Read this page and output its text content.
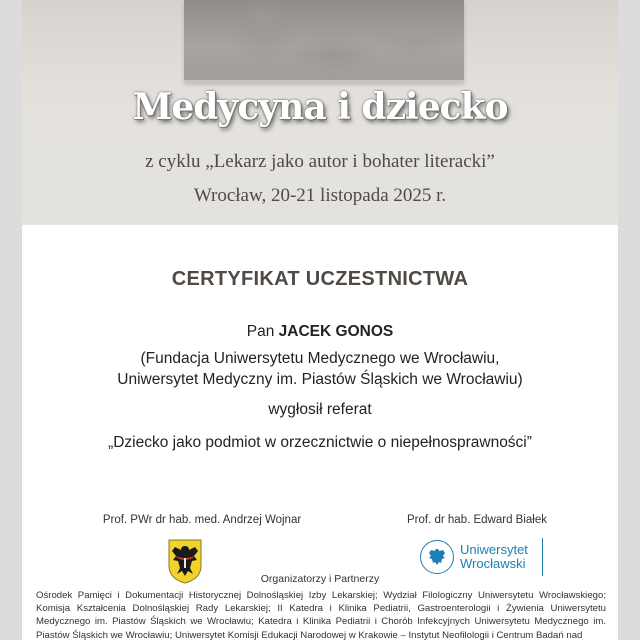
Medycyna i dziecko
z cyklu „Lekarz jako autor i bohater literacki”
Wrocław, 20-21 listopada 2025 r.
CERTYFIKAT UCZESTNICTWA
Pan JACEK GONOS
(Fundacja Uniwersytetu Medycznego we Wrocławiu,
Uniwersytet Medyczny im. Piastów Śląskich we Wrocławiu)
wygłosił referat
„Dziecko jako podmiot w orzecznictwie o niepełnosprawności”
Prof. PWr dr hab. med. Andrzej Wojnar	Prof. dr hab. Edward Białek
Uniwersytet
Wrocławski
Organizatorzy i Partnerzy
Ośrodek Pamięci i Dokumentacji Historycznej Dolnośląskiej Izby Lekarskiej; Wydział Filologiczny Uniwersytetu Wrocławskiego; Komisja Kształcenia Dolnośląskiej Rady Lekarskiej; II Katedra i Klinika Pediatrii, Gastroenterologii i Żywienia Uniwersytetu Medycznego im. Piastów Śląskich we Wrocławiu; Katedra i Klinika Pediatrii i Chorób Infekcyjnych Uniwersytetu Medycznego im. Piastów Śląskich we Wrocławiu; Uniwersytet Komisji Edukacji Narodowej w Krakowie – Instytut Neofilologii i Centrum Badań nad
